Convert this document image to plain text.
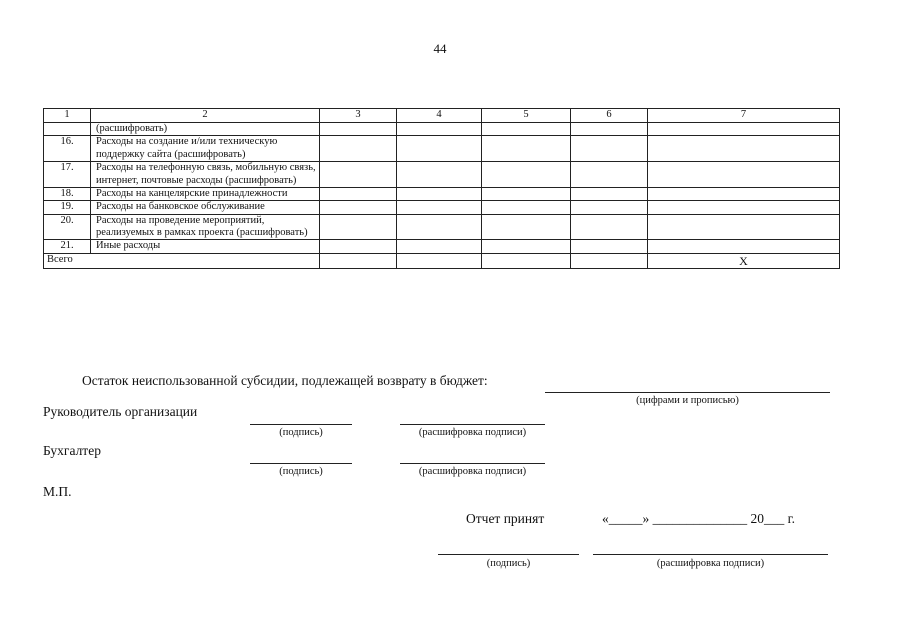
44
1	2	3	4	5	6	7
	(расшифровать)					
16.	Расходы на создание и/или техническую поддержку сайта (расшифровать)					
17.	Расходы на телефонную связь, мобильную связь, интернет, почтовые расходы (расшифровать)					
18.	Расходы на канцелярские принадлежности					
19.	Расходы на банковское обслуживание					
20.	Расходы на проведение мероприятий, реализуемых в рамках проекта (расшифровать)					
21.	Иные расходы					
Всего						Х
Остаток неиспользованной субсидии, подлежащей возврату в бюджет:
(цифрами и прописью)
Руководитель организации
(подпись)	(расшифровка подписи)
Бухгалтер
(подпись)	(расшифровка подписи)
М.П.
Отчет принят	«_____» ______________ 20___ г.
(подпись)	(расшифровка подписи)
